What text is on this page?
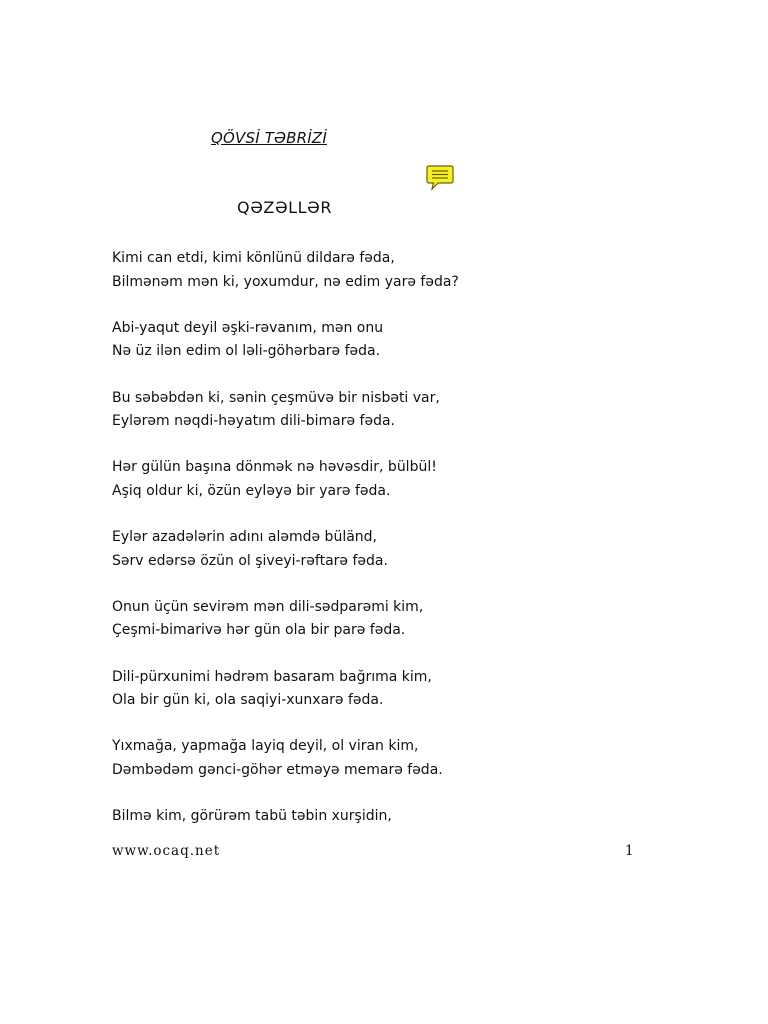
QÖVSİ TƏBRİZİ
QƏZƏLLƏR
Kimi can etdi, kimi könlünü dildarə fəda,
Bilmənəm mən ki, yoxumdur, nə edim yarə fəda?
Abi-yaqut deyil əşki-rəvanım, mən onu
Nə üz ilən edim ol ləli-göhərbarə fəda.
Bu səbəbdən ki, sənin çeşmüvə bir nisbəti var,
Eylərəm nəqdi-həyatım dili-bimarə fəda.
Hər gülün başına dönmək nə həvəsdir, bülbül!
Aşiq oldur ki, özün eyləyə bir yarə fəda.
Eylər azadələrin adını aləmdə büländ,
Sərv edərsə özün ol şiveyi-rəftarə fəda.
Onun üçün sevirəm mən dili-sədparəmi kim,
Çeşmi-bimarivə hər gün ola bir parə fəda.
Dili-pürxunimi hədrəm basaram bağrıma kim,
Ola bir gün ki, ola saqiyi-xunxarə fəda.
Yıxmağa, yapmağa layiq deyil, ol viran kim,
Dəmbədəm gənci-göhər etməyə memarə fəda.
Bilmə kim, görürəm tabü təbin xurşidin,
www.ocaq.net	1
